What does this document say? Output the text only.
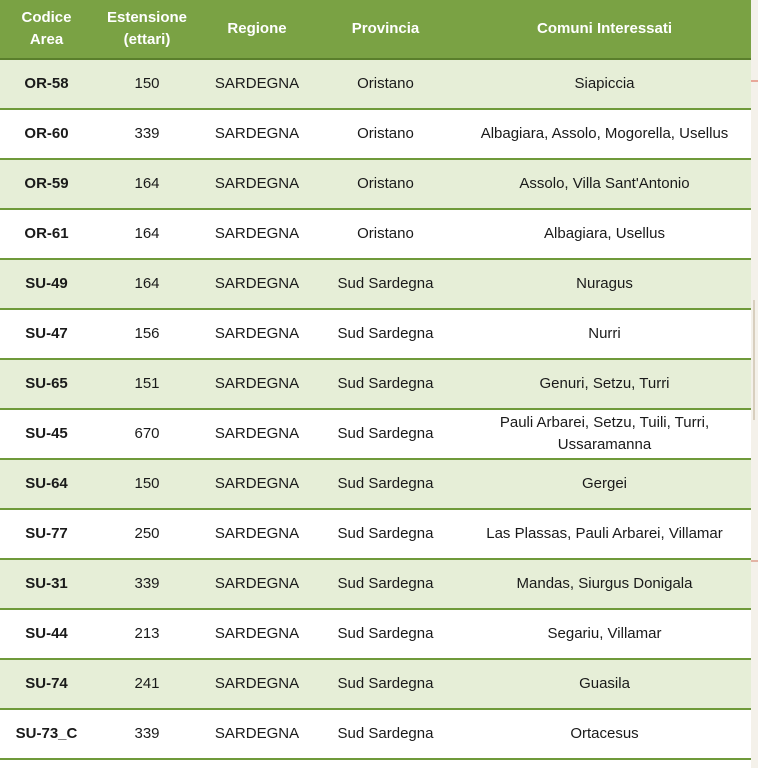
Codice Area	Estensione (ettari)	Regione	Provincia	Comuni Interessati
OR-58	150	SARDEGNA	Oristano	Siapiccia
OR-60	339	SARDEGNA	Oristano	Albagiara, Assolo, Mogorella, Usellus
OR-59	164	SARDEGNA	Oristano	Assolo, Villa Sant'Antonio
OR-61	164	SARDEGNA	Oristano	Albagiara, Usellus
SU-49	164	SARDEGNA	Sud Sardegna	Nuragus
SU-47	156	SARDEGNA	Sud Sardegna	Nurri
SU-65	151	SARDEGNA	Sud Sardegna	Genuri, Setzu, Turri
SU-45	670	SARDEGNA	Sud Sardegna	Pauli Arbarei, Setzu, Tuili, Turri, Ussaramanna
SU-64	150	SARDEGNA	Sud Sardegna	Gergei
SU-77	250	SARDEGNA	Sud Sardegna	Las Plassas, Pauli Arbarei, Villamar
SU-31	339	SARDEGNA	Sud Sardegna	Mandas, Siurgus Donigala
SU-44	213	SARDEGNA	Sud Sardegna	Segariu, Villamar
SU-74	241	SARDEGNA	Sud Sardegna	Guasila
SU-73_C	339	SARDEGNA	Sud Sardegna	Ortacesus
